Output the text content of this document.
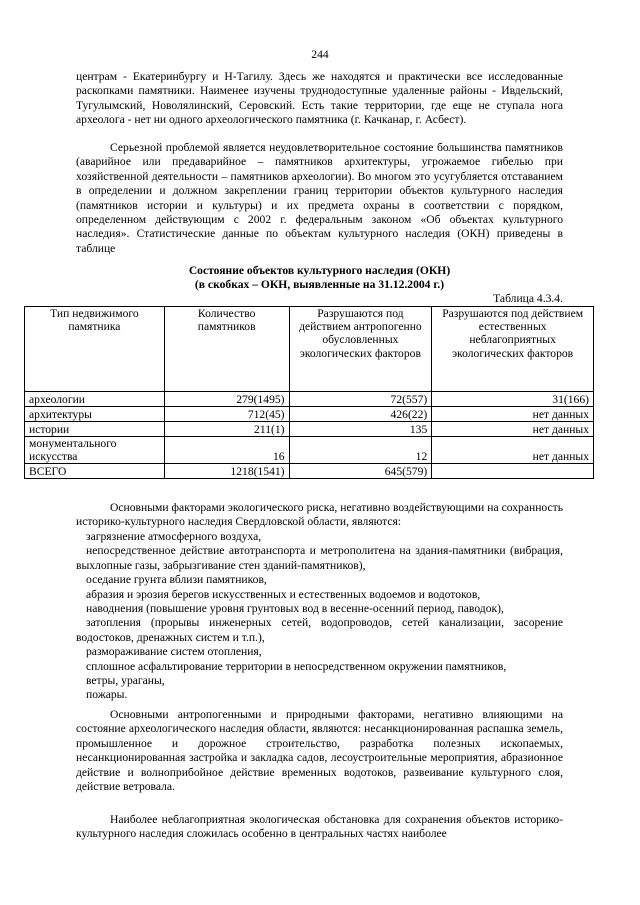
244

центрам - Екатеринбургу и Н-Тагилу. Здесь же находятся и практически все исследованные раскопками памятники. Наименее изучены труднодоступные удаленные районы - Ивдельский, Тугулымский, Новолялинский, Серовский. Есть такие территории, где еще не ступала нога археолога - нет ни одного археологического памятника (г. Качканар, г. Асбест).

Серьезной проблемой является неудовлетворительное состояние большинства памятников (аварийное или предаварийное – памятников архитектуры, угрожаемое гибелью при хозяйственной деятельности – памятников археологии). Во многом это усугубляется отставанием в определении и должном закреплении границ территории объектов культурного наследия (памятников истории и культуры) и их предмета охраны в соответствии с порядком, определенном действующим с 2002 г. федеральным законом «Об объектах культурного наследия». Статистические данные по объектам культурного наследия (ОКН) приведены в таблице

Состояние объектов культурного наследия (ОКН)
(в скобках – ОКН, выявленные на 31.12.2004 г.)
Таблица 4.3.4.
Тип недвижимого памятника	Количество памятников	Разрушаются под действием антропогенно обусловленных экологических факторов	Разрушаются под действием естественных неблагоприятных экологических факторов
археологии	279(1495)	72(557)	31(166)
архитектуры	712(45)	426(22)	нет данных
истории	211(1)	135	нет данных
монументального искусства	16	12	нет данных
ВСЕГО	1218(1541)	645(579)	

Основными факторами экологического риска, негативно воздействующими на сохранность историко-культурного наследия Свердловской области, являются:

загрязнение атмосферного воздуха,

непосредственное действие автотранспорта и метрополитена на здания-памятники (вибрация, выхлопные газы, забрызгивание стен зданий-памятников),

оседание грунта вблизи памятников,

абразия и эрозия берегов искусственных и естественных водоемов и водотоков,

наводнения (повышение уровня грунтовых вод в весенне-осенний период, паводок),

затопления (прорывы инженерных сетей, водопроводов, сетей канализации, засорение водостоков, дренажных систем и т.п.),

размораживание систем отопления,

сплошное асфальтирование территории в непосредственном окружении памятников,

ветры, ураганы,

пожары.

Основными антропогенными и природными факторами, негативно влияющими на состояние археологического наследия области, являются: несанкционированная распашка земель, промышленное и дорожное строительство, разработка полезных ископаемых, несанкционированная застройка и закладка садов, лесоустроительные мероприятия, абразионное действие и волноприбойное действие временных водотоков, развеивание культурного слоя, действие ветровала.

Наиболее неблагоприятная экологическая обстановка для сохранения объектов историко-культурного наследия сложилась особенно в центральных частях наиболее
